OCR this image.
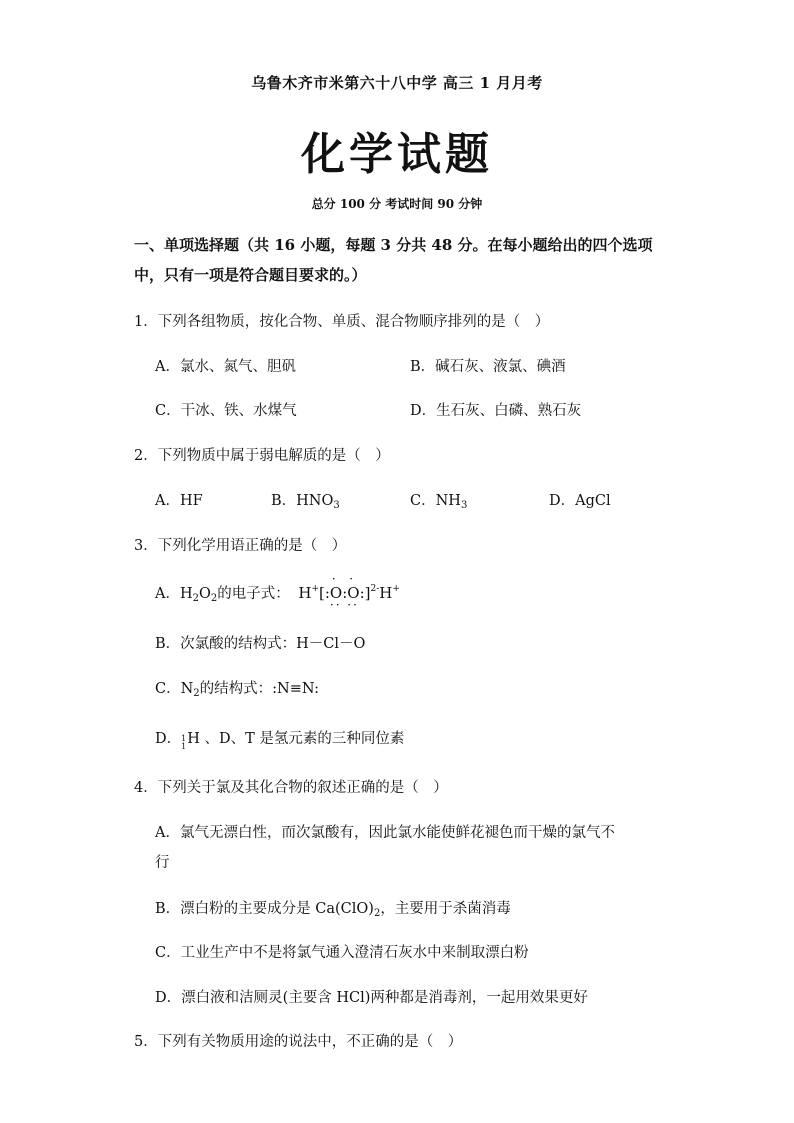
乌鲁木齐市米第六十八中学 高三 1 月月考
化学试题
总分 100 分 考试时间 90 分钟
一、单项选择题（共 16 小题，每题 3 分共 48 分。在每小题给出的四个选项
中，只有一项是符合题目要求的。）
1．下列各组物质，按化合物、单质、混合物顺序排列的是（　）
A．氯水、氮气、胆矾	B．碱石灰、液氯、碘酒
C．干冰、铁、水煤气	D．生石灰、白磷、熟石灰
2．下列物质中属于弱电解质的是（　）
A．HF	B．$HNO_3$	C．$NH_3$	D．AgCl
3．下列化学用语正确的是（　）
A．$H_2O_2$的电子式： H+[:· O ··:· O ··:]$^{2-}$H+
B．次氯酸的结构式：H－Cl－O
C．$N_2$的结构式：:N≡N:
D． 1
1 H 、D、T 是氢元素的三种同位素
4．下列关于氯及其化合物的叙述正确的是（　）
A．氯气无漂白性，而次氯酸有，因此氯水能使鲜花褪色而干燥的氯气不
行
B．漂白粉的主要成分是 $Ca(ClO)_2$，主要用于杀菌消毒
C．工业生产中不是将氯气通入澄清石灰水中来制取漂白粉
D．漂白液和洁厕灵(主要含 HCl)两种都是消毒剂，一起用效果更好
5．下列有关物质用途的说法中，不正确的是（　）
